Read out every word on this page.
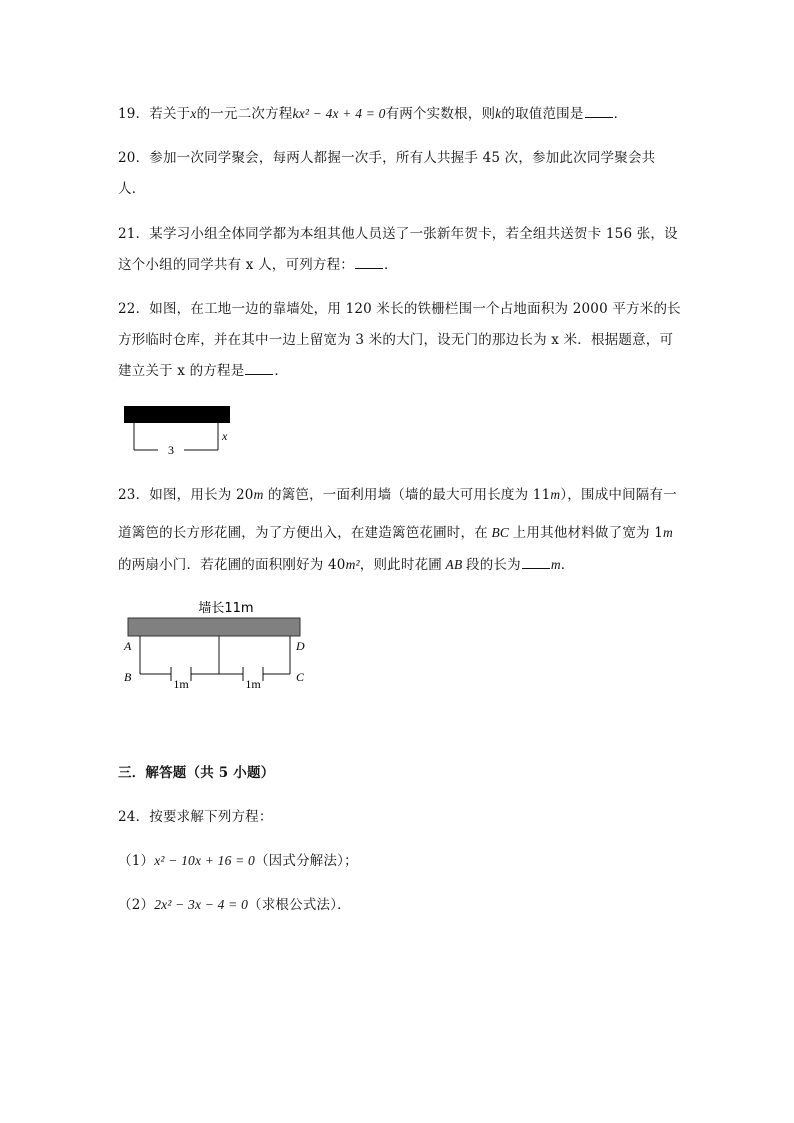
19．若关于x的一元二次方程kx² − 4x + 4 = 0有两个实数根，则k的取值范围是 ．
20．参加一次同学聚会，每两人都握一次手，所有人共握手 45 次，参加此次同学聚会共
人．
21．某学习小组全体同学都为本组其他人员送了一张新年贺卡，若全组共送贺卡 156 张，设
这个小组的同学共有 x 人，可列方程： ．
22．如图，在工地一边的靠墙处，用 120 米长的铁栅栏围一个占地面积为 2000 平方米的长
方形临时仓库，并在其中一边上留宽为 3 米的大门，设无门的那边长为 x 米．根据题意，可
建立关于 x 的方程是 ．
3
x
23．如图，用长为 20m 的篱笆，一面利用墙（墙的最大可用长度为 11m），围成中间隔有一
道篱笆的长方形花圃，为了方便出入，在建造篱笆花圃时，在 BC 上用其他材料做了宽为 1m
的两扇小门．若花圃的面积刚好为 40m²，则此时花圃 AB 段的长为 m．
墙长11m
1m	1m
A
B	C
D
三．解答题（共 5 小题）
24．按要求解下列方程：
（1）x² − 10x + 16 = 0（因式分解法）；
（2）2x² − 3x − 4 = 0（求根公式法）．
